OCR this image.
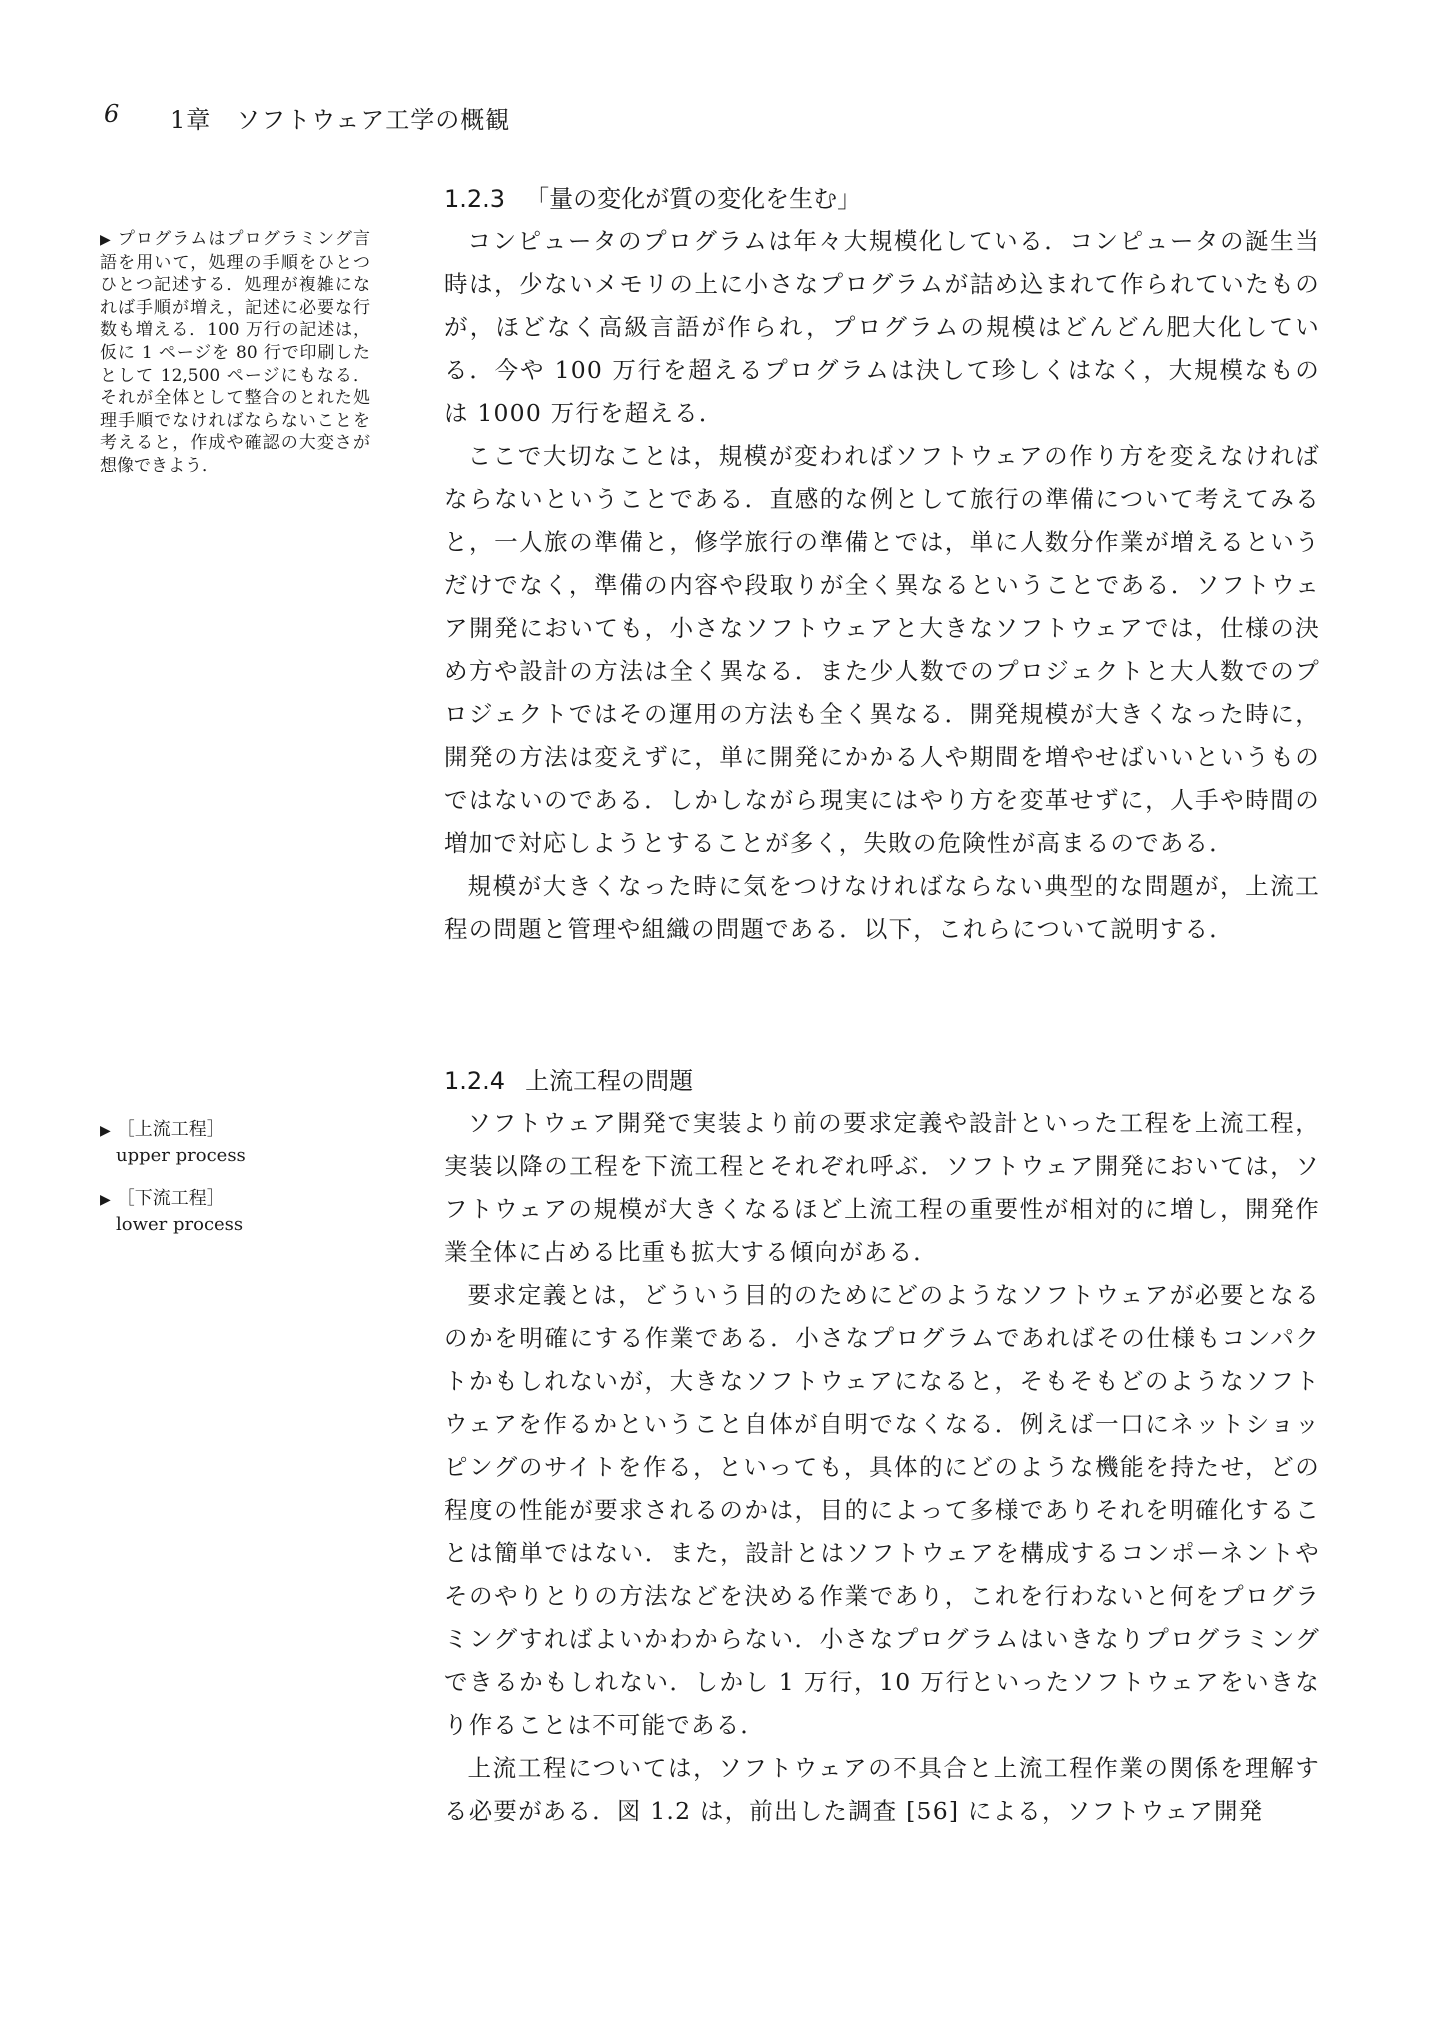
6 1章　ソフトウェア工学の概観
▶ プログラムはプログラミング言語を用いて，処理の手順をひとつひとつ記述する．処理が複雑になれば手順が増え，記述に必要な行数も増える．100 万行の記述は，仮に 1 ページを 80 行で印刷したとして 12,500 ページにもなる．それが全体として整合のとれた処理手順でなければならないことを考えると，作成や確認の大変さが想像できよう．
▶ ［上流工程］
upper process
▶ ［下流工程］
lower process
1.2.3 「量の変化が質の変化を生む」

コンピュータのプログラムは年々大規模化している．コンピュータの誕生当時は，少ないメモリの上に小さなプログラムが詰め込まれて作られていたものが，ほどなく高級言語が作られ，プログラムの規模はどんどん肥大化している．今や 100 万行を超えるプログラムは決して珍しくはなく，大規模なものは 1000 万行を超える．

ここで大切なことは，規模が変わればソフトウェアの作り方を変えなければならないということである．直感的な例として旅行の準備について考えてみると，一人旅の準備と，修学旅行の準備とでは，単に人数分作業が増えるというだけでなく，準備の内容や段取りが全く異なるということである．ソフトウェア開発においても，小さなソフトウェアと大きなソフトウェアでは，仕様の決め方や設計の方法は全く異なる．また少人数でのプロジェクトと大人数でのプロジェクトではその運用の方法も全く異なる．開発規模が大きくなった時に，開発の方法は変えずに，単に開発にかかる人や期間を増やせばいいというものではないのである．しかしながら現実にはやり方を変革せずに，人手や時間の増加で対応しようとすることが多く，失敗の危険性が高まるのである．

規模が大きくなった時に気をつけなければならない典型的な問題が，上流工程の問題と管理や組織の問題である．以下，これらについて説明する．

1.2.4 上流工程の問題

ソフトウェア開発で実装より前の要求定義や設計といった工程を上流工程，実装以降の工程を下流工程とそれぞれ呼ぶ．ソフトウェア開発においては，ソフトウェアの規模が大きくなるほど上流工程の重要性が相対的に増し，開発作業全体に占める比重も拡大する傾向がある．

要求定義とは，どういう目的のためにどのようなソフトウェアが必要となるのかを明確にする作業である．小さなプログラムであればその仕様もコンパクトかもしれないが，大きなソフトウェアになると，そもそもどのようなソフトウェアを作るかということ自体が自明でなくなる．例えば一口にネットショッピングのサイトを作る，といっても，具体的にどのような機能を持たせ，どの程度の性能が要求されるのかは，目的によって多様でありそれを明確化することは簡単ではない．また，設計とはソフトウェアを構成するコンポーネントやそのやりとりの方法などを決める作業であり，これを行わないと何をプログラミングすればよいかわからない．小さなプログラムはいきなりプログラミングできるかもしれない．しかし 1 万行，10 万行といったソフトウェアをいきなり作ることは不可能である．

上流工程については，ソフトウェアの不具合と上流工程作業の関係を理解する必要がある．図 1.2 は，前出した調査 [56] による，ソフトウェア開発
